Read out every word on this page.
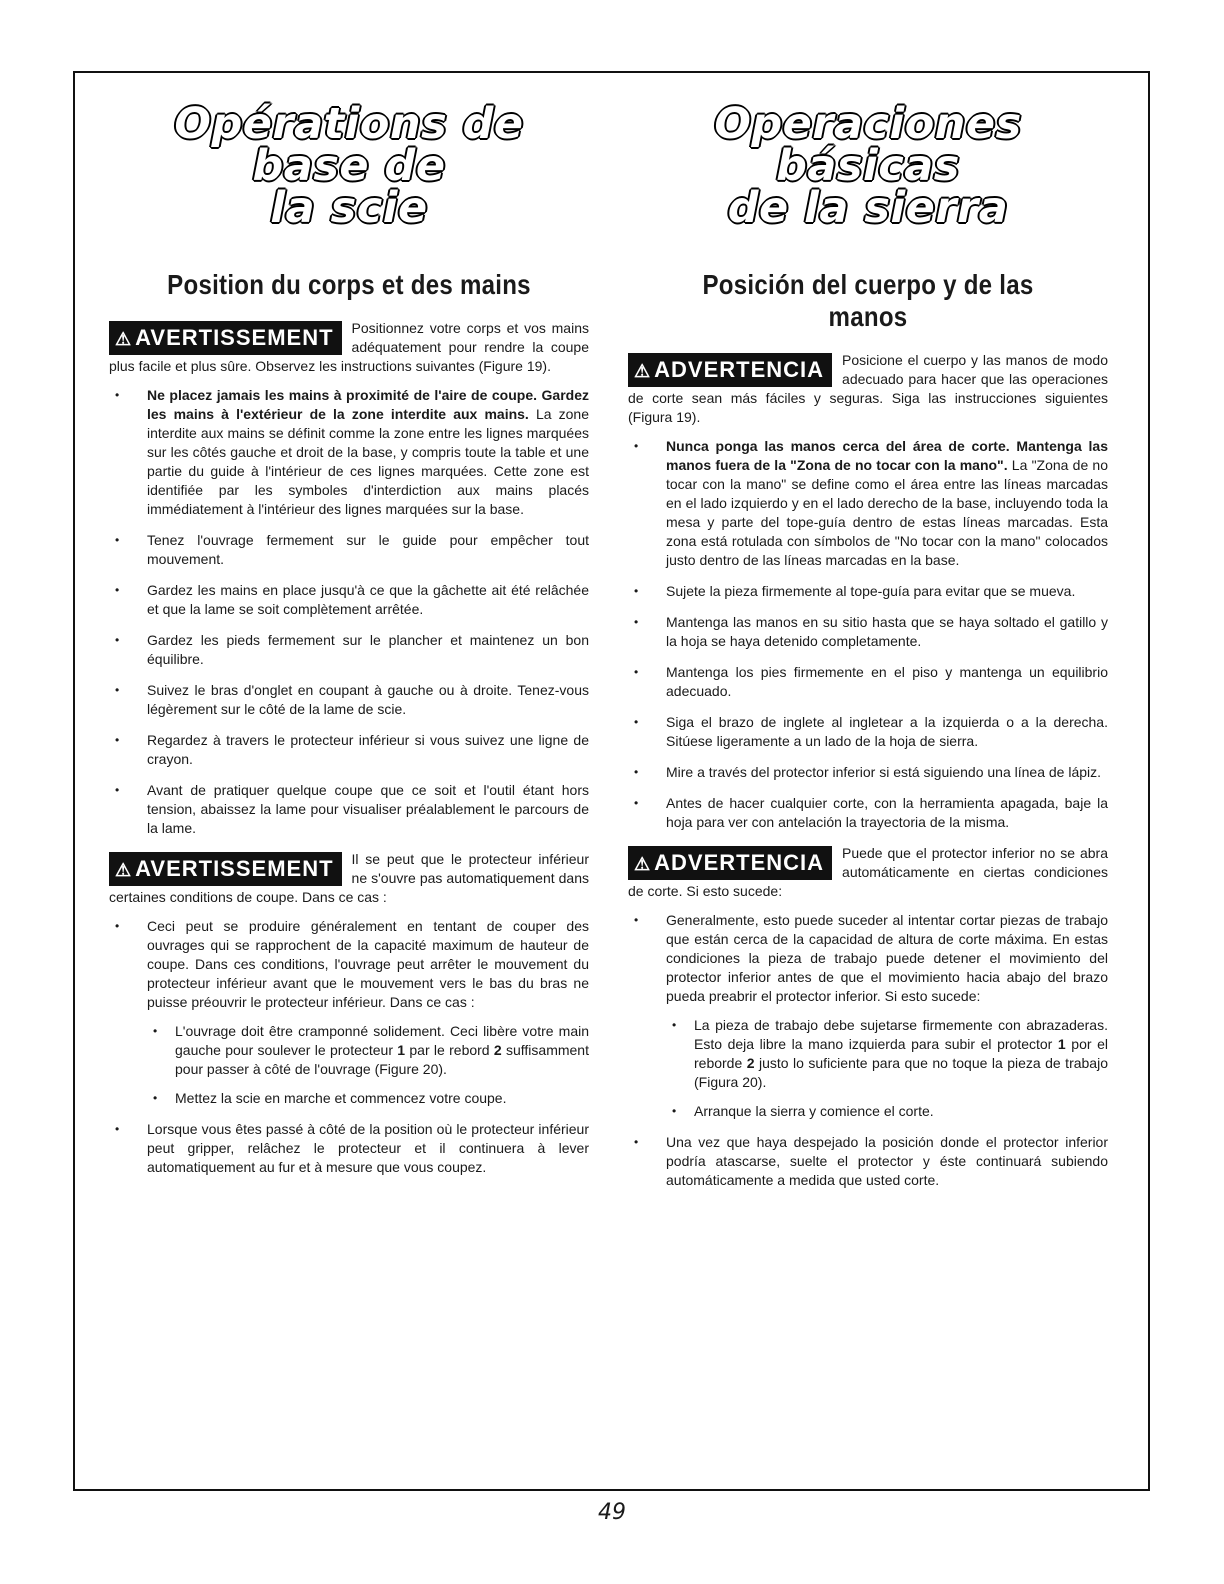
Opérations de base de
la scie
Position du corps et des mains
⚠ AVERTISSEMENT	Positionnez votre corps et vos mains adéquatement pour rendre la coupe plus facile et plus sûre. Observez les instructions suivantes (Figure 19).
• Ne placez jamais les mains à proximité de l'aire de coupe. Gardez les mains à l'extérieur de la zone interdite aux mains. La zone interdite aux mains se définit comme la zone entre les lignes marquées sur les côtés gauche et droit de la base, y compris toute la table et une partie du guide à l'intérieur de ces lignes marquées. Cette zone est identifiée par les symboles d'interdiction aux mains placés immédiatement à l'intérieur des lignes marquées sur la base.
• Tenez l'ouvrage fermement sur le guide pour empêcher tout mouvement.
• Gardez les mains en place jusqu'à ce que la gâchette ait été relâchée et que la lame se soit complètement arrêtée.
• Gardez les pieds fermement sur le plancher et maintenez un bon équilibre.
• Suivez le bras d'onglet en coupant à gauche ou à droite. Tenez-vous légèrement sur le côté de la lame de scie.
• Regardez à travers le protecteur inférieur si vous suivez une ligne de crayon.
• Avant de pratiquer quelque coupe que ce soit et l'outil étant hors tension, abaissez la lame pour visualiser préalablement le parcours de la lame.
⚠ AVERTISSEMENT	Il se peut que le protecteur inférieur ne s'ouvre pas automatiquement dans certaines conditions de coupe. Dans ce cas :
• Ceci peut se produire généralement en tentant de couper des ouvrages qui se rapprochent de la capacité maximum de hauteur de coupe. Dans ces conditions, l'ouvrage peut arrêter le mouvement du protecteur inférieur avant que le mouvement vers le bas du bras ne puisse préouvrir le protecteur inférieur. Dans ce cas :
• L'ouvrage doit être cramponné solidement. Ceci libère votre main gauche pour soulever le protecteur 1 par le rebord 2 suffisamment pour passer à côté de l'ouvrage (Figure 20).
• Mettez la scie en marche et commencez votre coupe.
• Lorsque vous êtes passé à côté de la position où le protecteur inférieur peut gripper, relâchez le protecteur et il continuera à lever automatiquement au fur et à mesure que vous coupez.
Operaciones básicas
de la sierra
Posición del cuerpo y de las manos
⚠ ADVERTENCIA	Posicione el cuerpo y las manos de modo adecuado para hacer que las operaciones de corte sean más fáciles y seguras. Siga las instrucciones siguientes (Figura 19).
• Nunca ponga las manos cerca del área de corte. Mantenga las manos fuera de la "Zona de no tocar con la mano". La "Zona de no tocar con la mano" se define como el área entre las líneas marcadas en el lado izquierdo y en el lado derecho de la base, incluyendo toda la mesa y parte del tope-guía dentro de estas líneas marcadas. Esta zona está rotulada con símbolos de "No tocar con la mano" colocados justo dentro de las líneas marcadas en la base.
• Sujete la pieza firmemente al tope-guía para evitar que se mueva.
• Mantenga las manos en su sitio hasta que se haya soltado el gatillo y la hoja se haya detenido completamente.
• Mantenga los pies firmemente en el piso y mantenga un equilibrio adecuado.
• Siga el brazo de inglete al ingletear a la izquierda o a la derecha. Sitúese ligeramente a un lado de la hoja de sierra.
• Mire a través del protector inferior si está siguiendo una línea de lápiz.
• Antes de hacer cualquier corte, con la herramienta apagada, baje la hoja para ver con antelación la trayectoria de la misma.
⚠ ADVERTENCIA	Puede que el protector inferior no se abra automáticamente en ciertas condiciones de corte. Si esto sucede:
• Generalmente, esto puede suceder al intentar cortar piezas de trabajo que están cerca de la capacidad de altura de corte máxima. En estas condiciones la pieza de trabajo puede detener el movimiento del protector inferior antes de que el movimiento hacia abajo del brazo pueda preabrir el protector inferior. Si esto sucede:
• La pieza de trabajo debe sujetarse firmemente con abrazaderas. Esto deja libre la mano izquierda para subir el protector 1 por el reborde 2 justo lo suficiente para que no toque la pieza de trabajo (Figura 20).
• Arranque la sierra y comience el corte.
• Una vez que haya despejado la posición donde el protector inferior podría atascarse, suelte el protector y éste continuará subiendo automáticamente a medida que usted corte.
49
